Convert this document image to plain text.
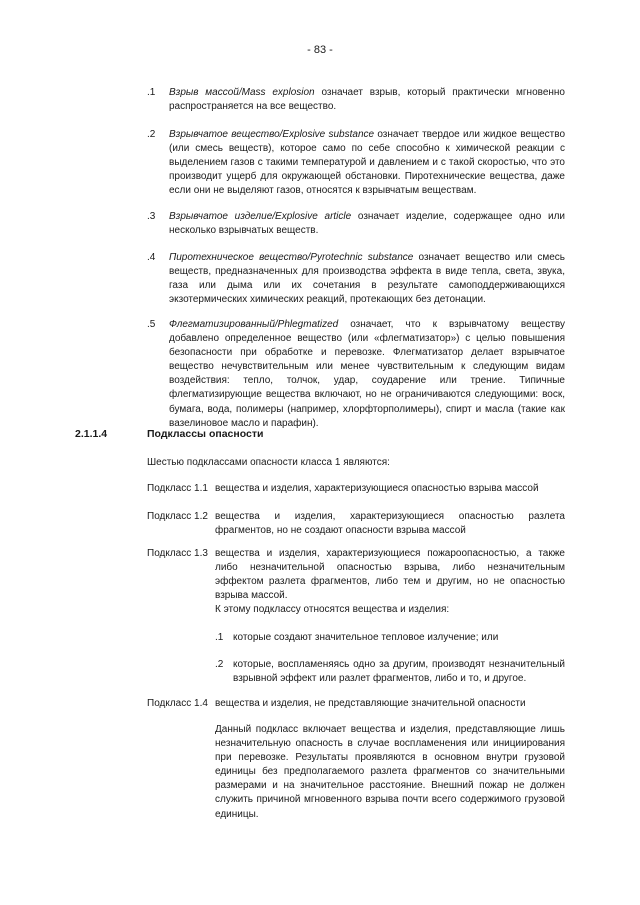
- 83 -
.1 Взрыв массой/Mass explosion означает взрыв, который практически мгновенно распространяется на все вещество.
.2 Взрывчатое вещество/Explosive substance означает твердое или жидкое вещество (или смесь веществ), которое само по себе способно к химической реакции с выделением газов с такими температурой и давлением и с такой скоростью, что это производит ущерб для окружающей обстановки. Пиротехнические вещества, даже если они не выделяют газов, относятся к взрывчатым веществам.
.3 Взрывчатое изделие/Explosive article означает изделие, содержащее одно или несколько взрывчатых веществ.
.4 Пиротехническое вещество/Pyrotechnic substance означает вещество или смесь веществ, предназначенных для производства эффекта в виде тепла, света, звука, газа или дыма или их сочетания в результате самоподдерживающихся экзотермических химических реакций, протекающих без детонации.
.5 Флегматизированный/Phlegmatized означает, что к взрывчатому веществу добавлено определенное вещество (или «флегматизатор») с целью повышения безопасности при обработке и перевозке. Флегматизатор делает взрывчатое вещество нечувствительным или менее чувствительным к следующим видам воздействия: тепло, толчок, удар, соударение или трение. Типичные флегматизирующие вещества включают, но не ограничиваются следующими: воск, бумага, вода, полимеры (например, хлорфторполимеры), спирт и масла (такие как вазелиновое масло и парафин).
2.1.1.4	Подклассы опасности
Шестью подклассами опасности класса 1 являются:
Подкласс 1.1 вещества и изделия, характеризующиеся опасностью взрыва массой
Подкласс 1.2 вещества и изделия, характеризующиеся опасностью разлета фрагментов, но не создают опасности взрыва массой
Подкласс 1.3 вещества и изделия, характеризующиеся пожароопасностью, а также либо незначительной опасностью взрыва, либо незначительным эффектом разлета фрагментов, либо тем и другим, но не опасностью взрыва массой.
К этому подклассу относятся вещества и изделия:
.1 которые создают значительное тепловое излучение; или
.2 которые, воспламеняясь одно за другим, производят незначительный взрывной эффект или разлет фрагментов, либо и то, и другое.
Подкласс 1.4 вещества и изделия, не представляющие значительной опасности
Данный подкласс включает вещества и изделия, представляющие лишь незначительную опасность в случае воспламенения или инициирования при перевозке. Результаты проявляются в основном внутри грузовой единицы без предполагаемого разлета фрагментов со значительными размерами и на значительное расстояние. Внешний пожар не должен служить причиной мгновенного взрыва почти всего содержимого грузовой единицы.
